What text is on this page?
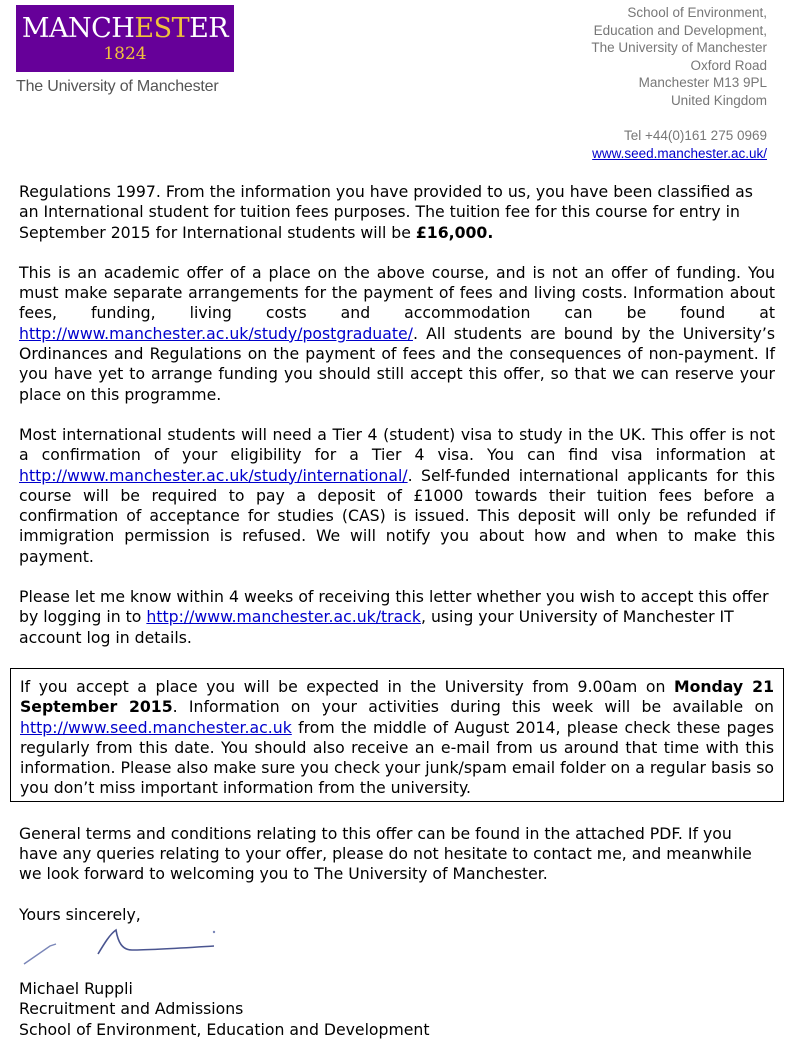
MANCHESTER
1824
The University of Manchester
School of Environment,
Education and Development,
The University of Manchester
Oxford Road
Manchester M13 9PL
United Kingdom
Tel +44(0)161 275 0969
www.seed.manchester.ac.uk/

Regulations 1997. From the information you have provided to us, you have been classified as an International student for tuition fees purposes. The tuition fee for this course for entry in September 2015 for International students will be £16,000.

This is an academic offer of a place on the above course, and is not an offer of funding. You must make separate arrangements for the payment of fees and living costs. Information about fees, funding, living costs and accommodation can be found at http://www.manchester.ac.uk/study/postgraduate/. All students are bound by the University’s Ordinances and Regulations on the payment of fees and the consequences of non-payment. If you have yet to arrange funding you should still accept this offer, so that we can reserve your place on this programme.

Most international students will need a Tier 4 (student) visa to study in the UK. This offer is not a confirmation of your eligibility for a Tier 4 visa. You can find visa information at http://www.manchester.ac.uk/study/international/. Self-funded international applicants for this course will be required to pay a deposit of £1000 towards their tuition fees before a confirmation of acceptance for studies (CAS) is issued. This deposit will only be refunded if immigration permission is refused. We will notify you about how and when to make this payment.

Please let me know within 4 weeks of receiving this letter whether you wish to accept this offer by logging in to http://www.manchester.ac.uk/track, using your University of Manchester IT account log in details.

If you accept a place you will be expected in the University from 9.00am on Monday 21 September 2015. Information on your activities during this week will be available on http://www.seed.manchester.ac.uk from the middle of August 2014, please check these pages regularly from this date. You should also receive an e-mail from us around that time with this information. Please also make sure you check your junk/spam email folder on a regular basis so you don’t miss important information from the university.

General terms and conditions relating to this offer can be found in the attached PDF. If you have any queries relating to your offer, please do not hesitate to contact me, and meanwhile we look forward to welcoming you to The University of Manchester.

Yours sincerely,

Michael Ruppli
Recruitment and Admissions
School of Environment, Education and Development
